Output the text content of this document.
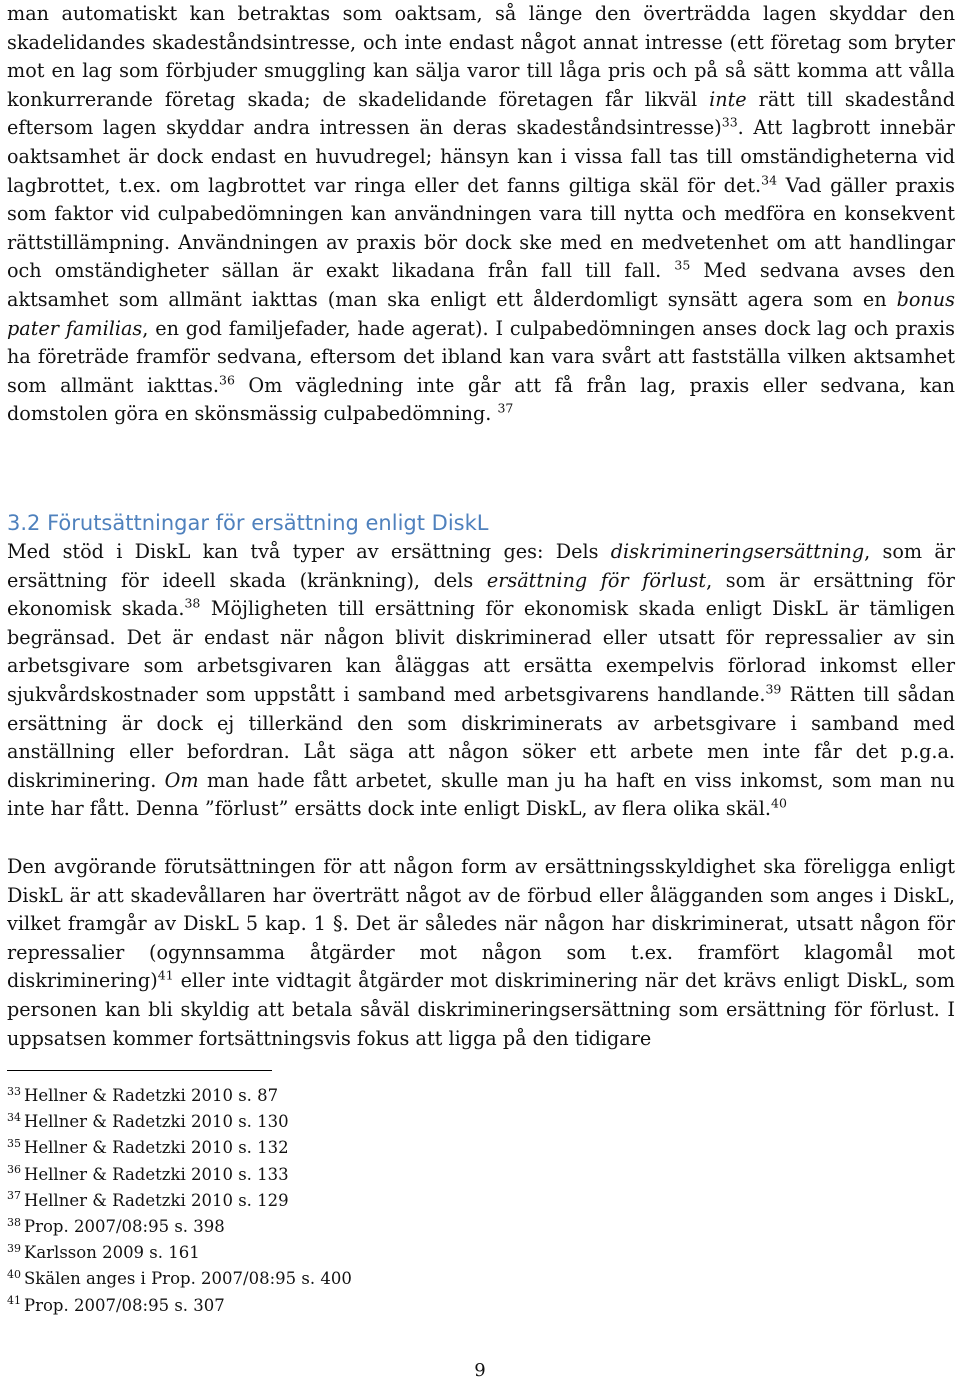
man automatiskt kan betraktas som oaktsam, så länge den överträdda lagen skyddar den skadelidandes skadeståndsintresse, och inte endast något annat intresse (ett företag som bryter mot en lag som förbjuder smuggling kan sälja varor till låga pris och på så sätt komma att vålla konkurrerande företag skada; de skadelidande företagen får likväl inte rätt till skadestånd eftersom lagen skyddar andra intressen än deras skadeståndsintresse)$^{33}$. Att lagbrott innebär oaktsamhet är dock endast en huvudregel; hänsyn kan i vissa fall tas till omständigheterna vid lagbrottet, t.ex. om lagbrottet var ringa eller det fanns giltiga skäl för det.$^{34}$ Vad gäller praxis som faktor vid culpabedömningen kan användningen vara till nytta och medföra en konsekvent rättstillämpning. Användningen av praxis bör dock ske med en medvetenhet om att handlingar och omständigheter sällan är exakt likadana från fall till fall. $^{35}$ Med sedvana avses den aktsamhet som allmänt iakttas (man ska enligt ett ålderdomligt synsätt agera som en bonus pater familias, en god familjefader, hade agerat). I culpabedömningen anses dock lag och praxis ha företräde framför sedvana, eftersom det ibland kan vara svårt att fastställa vilken aktsamhet som allmänt iakttas.$^{36}$ Om vägledning inte går att få från lag, praxis eller sedvana, kan domstolen göra en skönsmässig culpabedömning. $^{37}$

3.2 Förutsättningar för ersättning enligt DiskL

Med stöd i DiskL kan två typer av ersättning ges: Dels diskrimineringsersättning, som är ersättning för ideell skada (kränkning), dels ersättning för förlust, som är ersättning för ekonomisk skada.$^{38}$ Möjligheten till ersättning för ekonomisk skada enligt DiskL är tämligen begränsad. Det är endast när någon blivit diskriminerad eller utsatt för repressalier av sin arbetsgivare som arbetsgivaren kan åläggas att ersätta exempelvis förlorad inkomst eller sjukvårdskostnader som uppstått i samband med arbetsgivarens handlande.$^{39}$ Rätten till sådan ersättning är dock ej tillerkänd den som diskriminerats av arbetsgivare i samband med anställning eller befordran. Låt säga att någon söker ett arbete men inte får det p.g.a. diskriminering. Om man hade fått arbetet, skulle man ju ha haft en viss inkomst, som man nu inte har fått. Denna ”förlust” ersätts dock inte enligt DiskL, av flera olika skäl.$^{40}$

Den avgörande förutsättningen för att någon form av ersättningsskyldighet ska föreligga enligt DiskL är att skadevållaren har överträtt något av de förbud eller ålägganden som anges i DiskL, vilket framgår av DiskL 5 kap. 1 §. Det är således när någon har diskriminerat, utsatt någon för repressalier (ogynnsamma åtgärder mot någon som t.ex. framfört klagomål mot diskriminering)$^{41}$ eller inte vidtagit åtgärder mot diskriminering när det krävs enligt DiskL, som personen kan bli skyldig att betala såväl diskrimineringsersättning som ersättning för förlust. I uppsatsen kommer fortsättningsvis fokus att ligga på den tidigare

$^{33}$ Hellner & Radetzki 2010 s. 87
$^{34}$ Hellner & Radetzki 2010 s. 130
$^{35}$ Hellner & Radetzki 2010 s. 132
$^{36}$ Hellner & Radetzki 2010 s. 133
$^{37}$ Hellner & Radetzki 2010 s. 129
$^{38}$ Prop. 2007/08:95 s. 398
$^{39}$ Karlsson 2009 s. 161
$^{40}$ Skälen anges i Prop. 2007/08:95 s. 400
$^{41}$ Prop. 2007/08:95 s. 307
9
